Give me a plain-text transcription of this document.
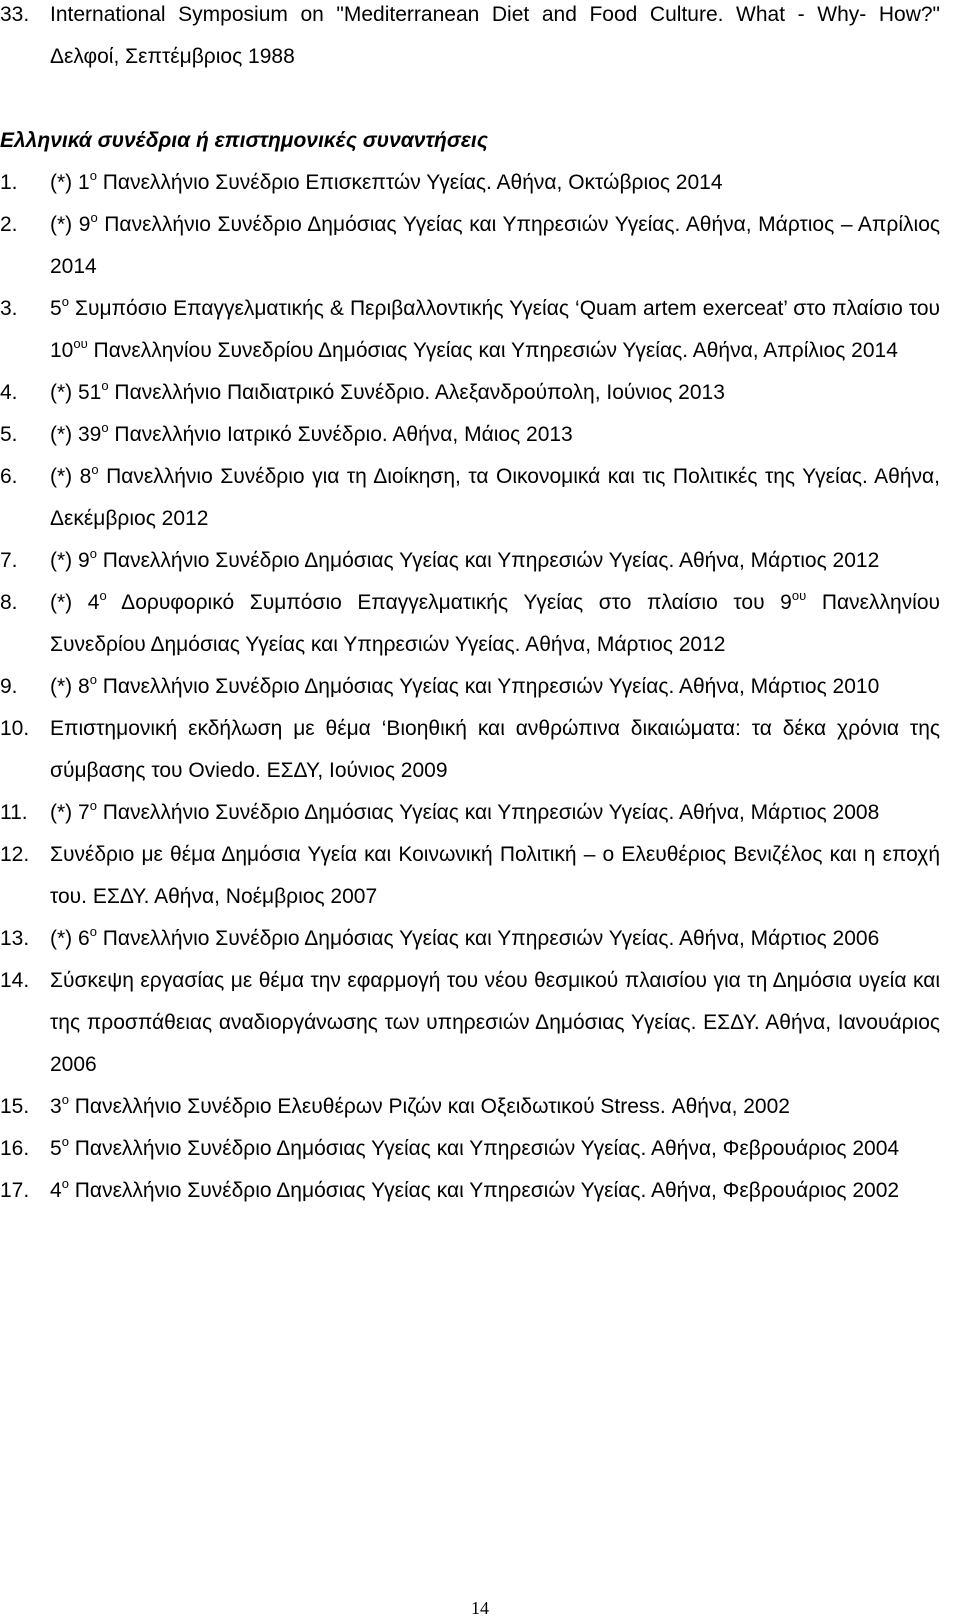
33. International Symposium on "Mediterranean Diet and Food Culture. What - Why- How?" Δελφοί, Σεπτέμβριος 1988
Ελληνικά συνέδρια ή επιστημονικές συναντήσεις
1. (*) $1^o$ Πανελλήνιο Συνέδριο Επισκεπτών Υγείας. Αθήνα, Οκτώβριος 2014
2. (*) $9^o$ Πανελλήνιο Συνέδριο Δημόσιας Υγείας και Υπηρεσιών Υγείας. Αθήνα, Μάρτιος – Απρίλιος 2014
3. $5^o$ Συμπόσιο Επαγγελματικής & Περιβαλλοντικής Υγείας ‘Quam artem exerceat’ στο πλαίσιο του $10^{o\upsilon}$ Πανελληνίου Συνεδρίου Δημόσιας Υγείας και Υπηρεσιών Υγείας. Αθήνα, Απρίλιος 2014
4. (*) $51^o$ Πανελλήνιο Παιδιατρικό Συνέδριο. Αλεξανδρούπολη, Ιούνιος 2013
5. (*) $39^o$ Πανελλήνιο Ιατρικό Συνέδριο. Αθήνα, Μάιος 2013
6. (*) $8^o$ Πανελλήνιο Συνέδριο για τη Διοίκηση, τα Οικονομικά και τις Πολιτικές της Υγείας. Αθήνα, Δεκέμβριος 2012
7. (*) $9^o$ Πανελλήνιο Συνέδριο Δημόσιας Υγείας και Υπηρεσιών Υγείας. Αθήνα, Μάρτιος 2012
8. (*) $4^o$ Δορυφορικό Συμπόσιο Επαγγελματικής Υγείας στο πλαίσιο του $9^{o\upsilon}$ Πανελληνίου Συνεδρίου Δημόσιας Υγείας και Υπηρεσιών Υγείας. Αθήνα, Μάρτιος 2012
9. (*) $8^o$ Πανελλήνιο Συνέδριο Δημόσιας Υγείας και Υπηρεσιών Υγείας. Αθήνα, Μάρτιος 2010
10. Επιστημονική εκδήλωση με θέμα ‘Βιοηθική και ανθρώπινα δικαιώματα: τα δέκα χρόνια της σύμβασης του Oviedo. ΕΣΔΥ, Ιούνιος 2009
11. (*) $7^o$ Πανελλήνιο Συνέδριο Δημόσιας Υγείας και Υπηρεσιών Υγείας. Αθήνα, Μάρτιος 2008
12. Συνέδριο με θέμα Δημόσια Υγεία και Κοινωνική Πολιτική – ο Ελευθέριος Βενιζέλος και η εποχή του. ΕΣΔΥ. Αθήνα, Νοέμβριος 2007
13. (*) $6^o$ Πανελλήνιο Συνέδριο Δημόσιας Υγείας και Υπηρεσιών Υγείας. Αθήνα, Μάρτιος 2006
14. Σύσκεψη εργασίας με θέμα την εφαρμογή του νέου θεσμικού πλαισίου για τη Δημόσια υγεία και της προσπάθειας αναδιοργάνωσης των υπηρεσιών Δημόσιας Υγείας. ΕΣΔΥ. Αθήνα, Ιανουάριος 2006
15. $3^o$ Πανελλήνιο Συνέδριο Ελευθέρων Ριζών και Οξειδωτικού Stress. Αθήνα, 2002
16. $5^o$ Πανελλήνιο Συνέδριο Δημόσιας Υγείας και Υπηρεσιών Υγείας. Αθήνα, Φεβρουάριος 2004
17. $4^o$ Πανελλήνιο Συνέδριο Δημόσιας Υγείας και Υπηρεσιών Υγείας. Αθήνα, Φεβρουάριος 2002
14
